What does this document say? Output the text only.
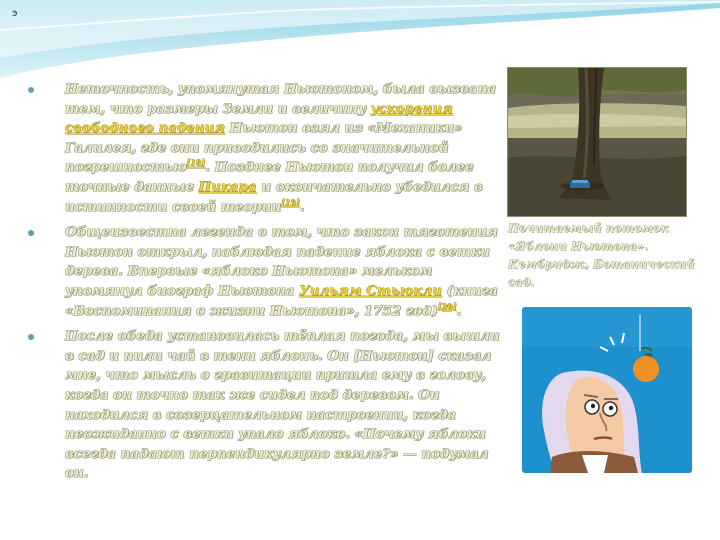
э
Неточность, упомянутая Ньютоном, была вызвана тем, что размеры Земли и величину ускорения свободного падения Ньютон взял из «Механики» Галилея, где они приводились со значительной погрешностью[18]. Позднее Ньютон получил более точные данные Пикара и окончательно убедился в истинности своей теории[19].
Общеизвестна легенда о том, что закон тяготения Ньютон открыл, наблюдая падение яблока с ветки дерева. Впервые «яблоко Ньютона» мельком упомянул биограф Ньютона Уильям Стьюкли (книга «Воспоминания о жизни Ньютона», 1752 год)[20].
После обеда установилась тёплая погода, мы вышли в сад и пили чай в тени яблонь. Он [Ньютон] сказал мне, что мысль о гравитации пришла ему в голову, когда он точно так же сидел под деревом. Он находился в созерцательном настроении, когда неожиданно с ветки упало яблоко. «Почему яблоки всегда падают перпендикулярно земле?» — подумал он.

Почитаемый потомок «Яблони Ньютона». Кембридж, Ботанический сад.
